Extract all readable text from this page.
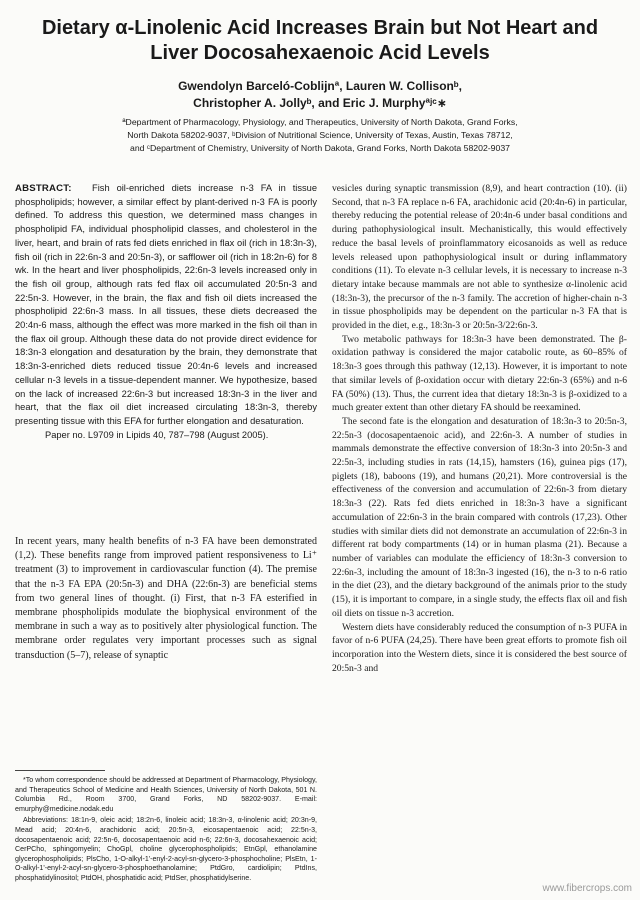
Dietary α-Linolenic Acid Increases Brain but Not Heart and Liver Docosahexaenoic Acid Levels
Gwendolyn Barceló-Coblijnª, Lauren W. Collisonᵇ,
Christopher A. Jollyᵇ, and Eric J. Murphyªʲᶜ∗
ªDepartment of Pharmacology, Physiology, and Therapeutics, University of North Dakota, Grand Forks,
North Dakota 58202-9037, ᵇDivision of Nutritional Science, University of Texas, Austin, Texas 78712,
and ᶜDepartment of Chemistry, University of North Dakota, Grand Forks, North Dakota 58202-9037

ABSTRACT: Fish oil-enriched diets increase n-3 FA in tissue phospholipids; however, a similar effect by plant-derived n-3 FA is poorly defined. To address this question, we determined mass changes in phospholipid FA, individual phospholipid classes, and cholesterol in the liver, heart, and brain of rats fed diets enriched in flax oil (rich in 18:3n-3), fish oil (rich in 22:6n-3 and 20:5n-3), or safflower oil (rich in 18:2n-6) for 8 wk. In the heart and liver phospholipids, 22:6n-3 levels increased only in the fish oil group, although rats fed flax oil accumulated 20:5n-3 and 22:5n-3. However, in the brain, the flax and fish oil diets increased the phospholipid 22:6n-3 mass. In all tissues, these diets decreased the 20:4n-6 mass, although the effect was more marked in the fish oil than in the flax oil group. Although these data do not provide direct evidence for 18:3n-3 elongation and desaturation by the brain, they demonstrate that 18:3n-3-enriched diets reduced tissue 20:4n-6 levels and increased cellular n-3 levels in a tissue-dependent manner. We hypothesize, based on the lack of increased 22:6n-3 but increased 18:3n-3 in the liver and heart, that the flax oil diet increased circulating 18:3n-3, thereby presenting tissue with this EFA for further elongation and desaturation.
Paper no. L9709 in Lipids 40, 787–798 (August 2005).

In recent years, many health benefits of n-3 FA have been demonstrated (1,2). These benefits range from improved patient responsiveness to Li⁺ treatment (3) to improvement in cardiovascular function (4). The premise that the n-3 FA EPA (20:5n-3) and DHA (22:6n-3) are beneficial stems from two general lines of thought. (i) First, that n-3 FA esterified in membrane phospholipids modulate the biophysical environment of the membrane in such a way as to positively alter physiological function. The membrane order regulates very important processes such as signal transduction (5–7), release of synaptic

*To whom correspondence should be addressed at Department of Pharmacology, Physiology, and Therapeutics School of Medicine and Health Sciences, University of North Dakota, 501 N. Columbia Rd., Room 3700, Grand Forks, ND 58202-9037. E-mail: emurphy@medicine.nodak.edu

Abbreviations: 18:1n-9, oleic acid; 18:2n-6, linoleic acid; 18:3n-3, α-linolenic acid; 20:3n-9, Mead acid; 20:4n-6, arachidonic acid; 20:5n-3, eicosapentaenoic acid; 22:5n-3, docosapentaenoic acid; 22:5n-6, docosapentaenoic acid n-6; 22:6n-3, docosahexaenoic acid; CerPCho, sphingomyelin; ChoGpl, choline glycerophospholipids; EtnGpl, ethanolamine glycerophospholipids; PlsCho, 1-O-alkyl-1'-enyl-2-acyl-sn-glycero-3-phosphocholine; PlsEtn, 1-O-alkyl-1'-enyl-2-acyl-sn-glycero-3-phosphoethanolamine; PtdGro, cardiolipin; PtdIns, phosphatidylinositol; PtdOH, phosphatidic acid; PtdSer, phosphatidylserine.

vesicles during synaptic transmission (8,9), and heart contraction (10). (ii) Second, that n-3 FA replace n-6 FA, arachidonic acid (20:4n-6) in particular, thereby reducing the potential release of 20:4n-6 under basal conditions and during pathophysiological insult. Mechanistically, this would effectively reduce the basal levels of proinflammatory eicosanoids as well as reduce levels released upon pathophysiological insult or during inflammatory conditions (11). To elevate n-3 cellular levels, it is necessary to increase n-3 dietary intake because mammals are not able to synthesize α-linolenic acid (18:3n-3), the precursor of the n-3 family. The accretion of higher-chain n-3 in tissue phospholipids may be dependent on the particular n-3 FA that is provided in the diet, e.g., 18:3n-3 or 20:5n-3/22:6n-3.

Two metabolic pathways for 18:3n-3 have been demonstrated. The β-oxidation pathway is considered the major catabolic route, as 60–85% of 18:3n-3 goes through this pathway (12,13). However, it is important to note that similar levels of β-oxidation occur with dietary 22:6n-3 (65%) and n-6 FA (50%) (13). Thus, the current idea that dietary 18:3n-3 is β-oxidized to a much greater extent than other dietary FA should be reexamined.

The second fate is the elongation and desaturation of 18:3n-3 to 20:5n-3, 22:5n-3 (docosapentaenoic acid), and 22:6n-3. A number of studies in mammals demonstrate the effective conversion of 18:3n-3 into 20:5n-3 and 22:5n-3, including studies in rats (14,15), hamsters (16), guinea pigs (17), piglets (18), baboons (19), and humans (20,21). More controversial is the effectiveness of the conversion and accumulation of 22:6n-3 from dietary 18:3n-3 (22). Rats fed diets enriched in 18:3n-3 have a significant accumulation of 22:6n-3 in the brain compared with controls (17,23). Other studies with similar diets did not demonstrate an accumulation of 22:6n-3 in different rat body compartments (14) or in human plasma (21). Because a number of variables can modulate the efficiency of 18:3n-3 conversion to 22:6n-3, including the amount of 18:3n-3 ingested (16), the n-3 to n-6 ratio in the diet (23), and the dietary background of the animals prior to the study (15), it is important to compare, in a single study, the effects flax oil and fish oil diets on tissue n-3 accretion.

Western diets have considerably reduced the consumption of n-3 PUFA in favor of n-6 PUFA (24,25). There have been great efforts to promote fish oil incorporation into the Western diets, since it is considered the best source of 20:5n-3 and

www.fibercrops.com
